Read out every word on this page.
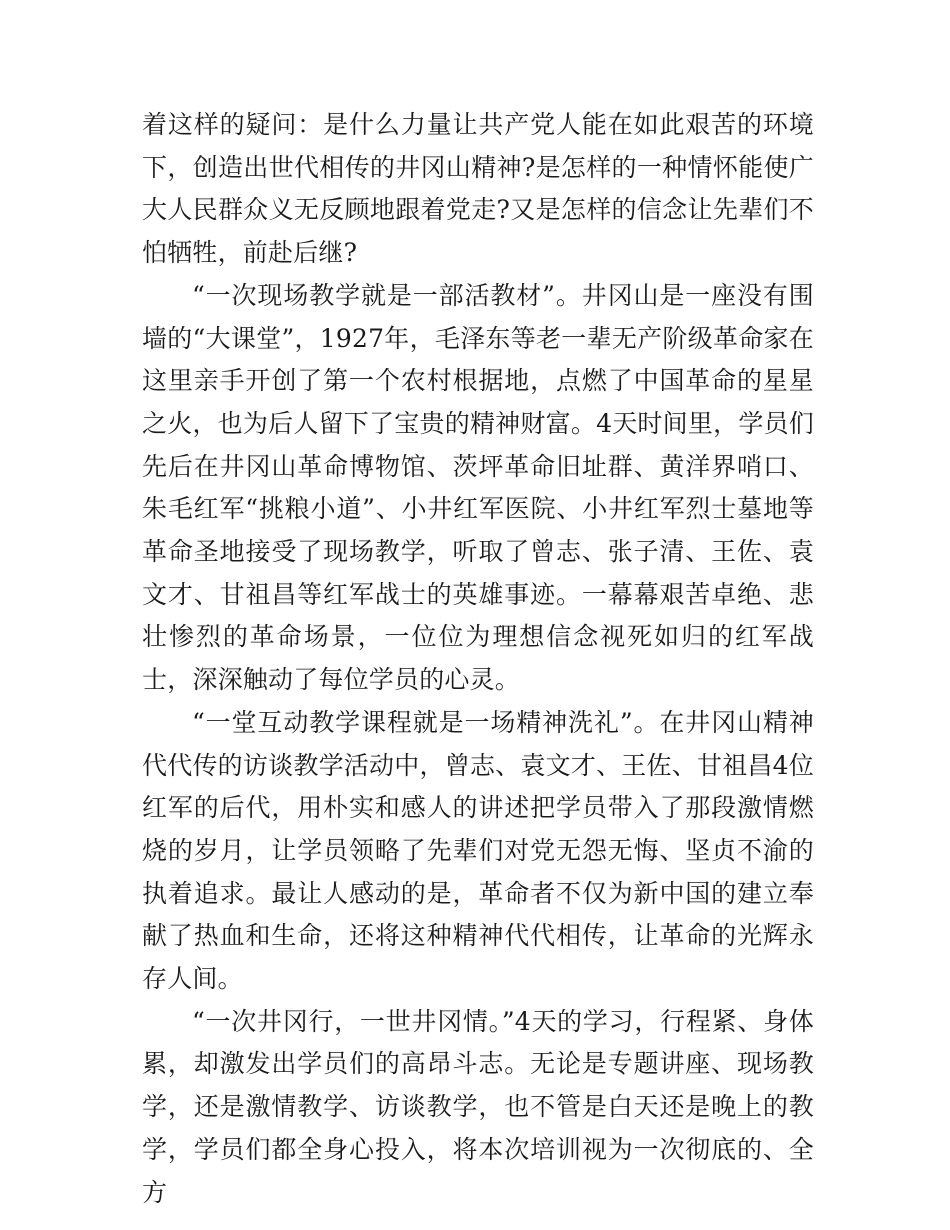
着这样的疑问：是什么力量让共产党人能在如此艰苦的环境下，创造出世代相传的井冈山精神?是怎样的一种情怀能使广大人民群众义无反顾地跟着党走?又是怎样的信念让先辈们不怕牺牲，前赴后继?

“一次现场教学就是一部活教材”。井冈山是一座没有围墙的“大课堂”，1927年，毛泽东等老一辈无产阶级革命家在这里亲手开创了第一个农村根据地，点燃了中国革命的星星之火，也为后人留下了宝贵的精神财富。4天时间里，学员们先后在井冈山革命博物馆、茨坪革命旧址群、黄洋界哨口、朱毛红军“挑粮小道”、小井红军医院、小井红军烈士墓地等革命圣地接受了现场教学，听取了曾志、张子清、王佐、袁文才、甘祖昌等红军战士的英雄事迹。一幕幕艰苦卓绝、悲壮惨烈的革命场景，一位位为理想信念视死如归的红军战士，深深触动了每位学员的心灵。

“一堂互动教学课程就是一场精神洗礼”。在井冈山精神代代传的访谈教学活动中，曾志、袁文才、王佐、甘祖昌4位红军的后代，用朴实和感人的讲述把学员带入了那段激情燃烧的岁月，让学员领略了先辈们对党无怨无悔、坚贞不渝的执着追求。最让人感动的是，革命者不仅为新中国的建立奉献了热血和生命，还将这种精神代代相传，让革命的光辉永存人间。

“一次井冈行，一世井冈情。”4天的学习，行程紧、身体累，却激发出学员们的高昂斗志。无论是专题讲座、现场教学，还是激情教学、访谈教学，也不管是白天还是晚上的教学，学员们都全身心投入，将本次培训视为一次彻底的、全方
